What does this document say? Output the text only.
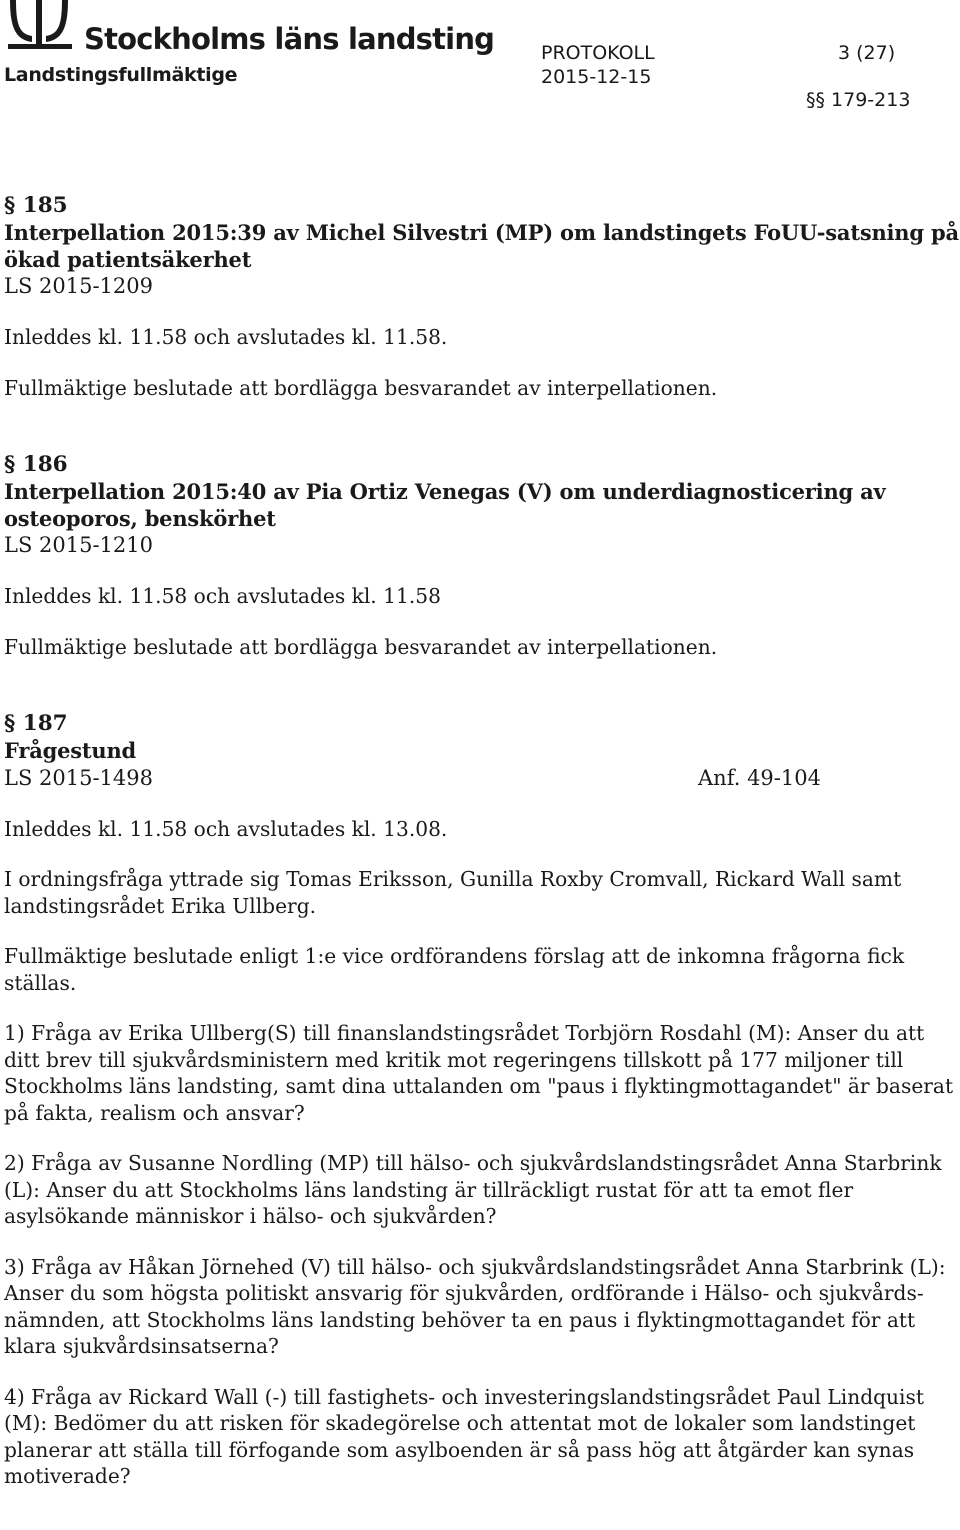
Stockholms läns landsting
Landstingsfullmäktige
PROTOKOLL	3 (27)
2015-12-15
§§ 179-213
§ 185
Interpellation 2015:39 av Michel Silvestri (MP) om landstingets FoUU-satsning på ökad patientsäkerhet
LS 2015-1209

Inleddes kl. 11.58 och avslutades kl. 11.58.

Fullmäktige beslutade att bordlägga besvarandet av interpellationen.

§ 186
Interpellation 2015:40 av Pia Ortiz Venegas (V) om underdiagnosticering av osteoporos, benskörhet
LS 2015-1210

Inleddes kl. 11.58 och avslutades kl. 11.58

Fullmäktige beslutade att bordlägga besvarandet av interpellationen.

§ 187
Frågestund
LS 2015-1498	Anf. 49-104

Inleddes kl. 11.58 och avslutades kl. 13.08.

I ordningsfråga yttrade sig Tomas Eriksson, Gunilla Roxby Cromvall, Rickard Wall samt landstingsrådet Erika Ullberg.

Fullmäktige beslutade enligt 1:e vice ordförandens förslag att de inkomna frågorna fick ställas.

1) Fråga av Erika Ullberg(S) till finanslandstingsrådet Torbjörn Rosdahl (M): Anser du att ditt brev till sjukvårdsministern med kritik mot regeringens tillskott på 177 miljoner till Stockholms läns landsting, samt dina uttalanden om "paus i flyktingmottagandet" är baserat på fakta, realism och ansvar?

2) Fråga av Susanne Nordling (MP) till hälso- och sjukvårdslandstingsrådet Anna Starbrink (L): Anser du att Stockholms läns landsting är tillräckligt rustat för att ta emot fler asylsökande människor i hälso- och sjukvården?

3) Fråga av Håkan Jörnehed (V) till hälso- och sjukvårdslandstingsrådet Anna Starbrink (L): Anser du som högsta politiskt ansvarig för sjukvården, ordförande i Hälso- och sjukvårds-nämnden, att Stockholms läns landsting behöver ta en paus i flyktingmottagandet för att klara sjukvårdsinsatserna?

4) Fråga av Rickard Wall (-) till fastighets- och investeringslandstingsrådet Paul Lindquist (M): Bedömer du att risken för skadegörelse och attentat mot de lokaler som landstinget planerar att ställa till förfogande som asylboenden är så pass hög att åtgärder kan synas motiverade?
